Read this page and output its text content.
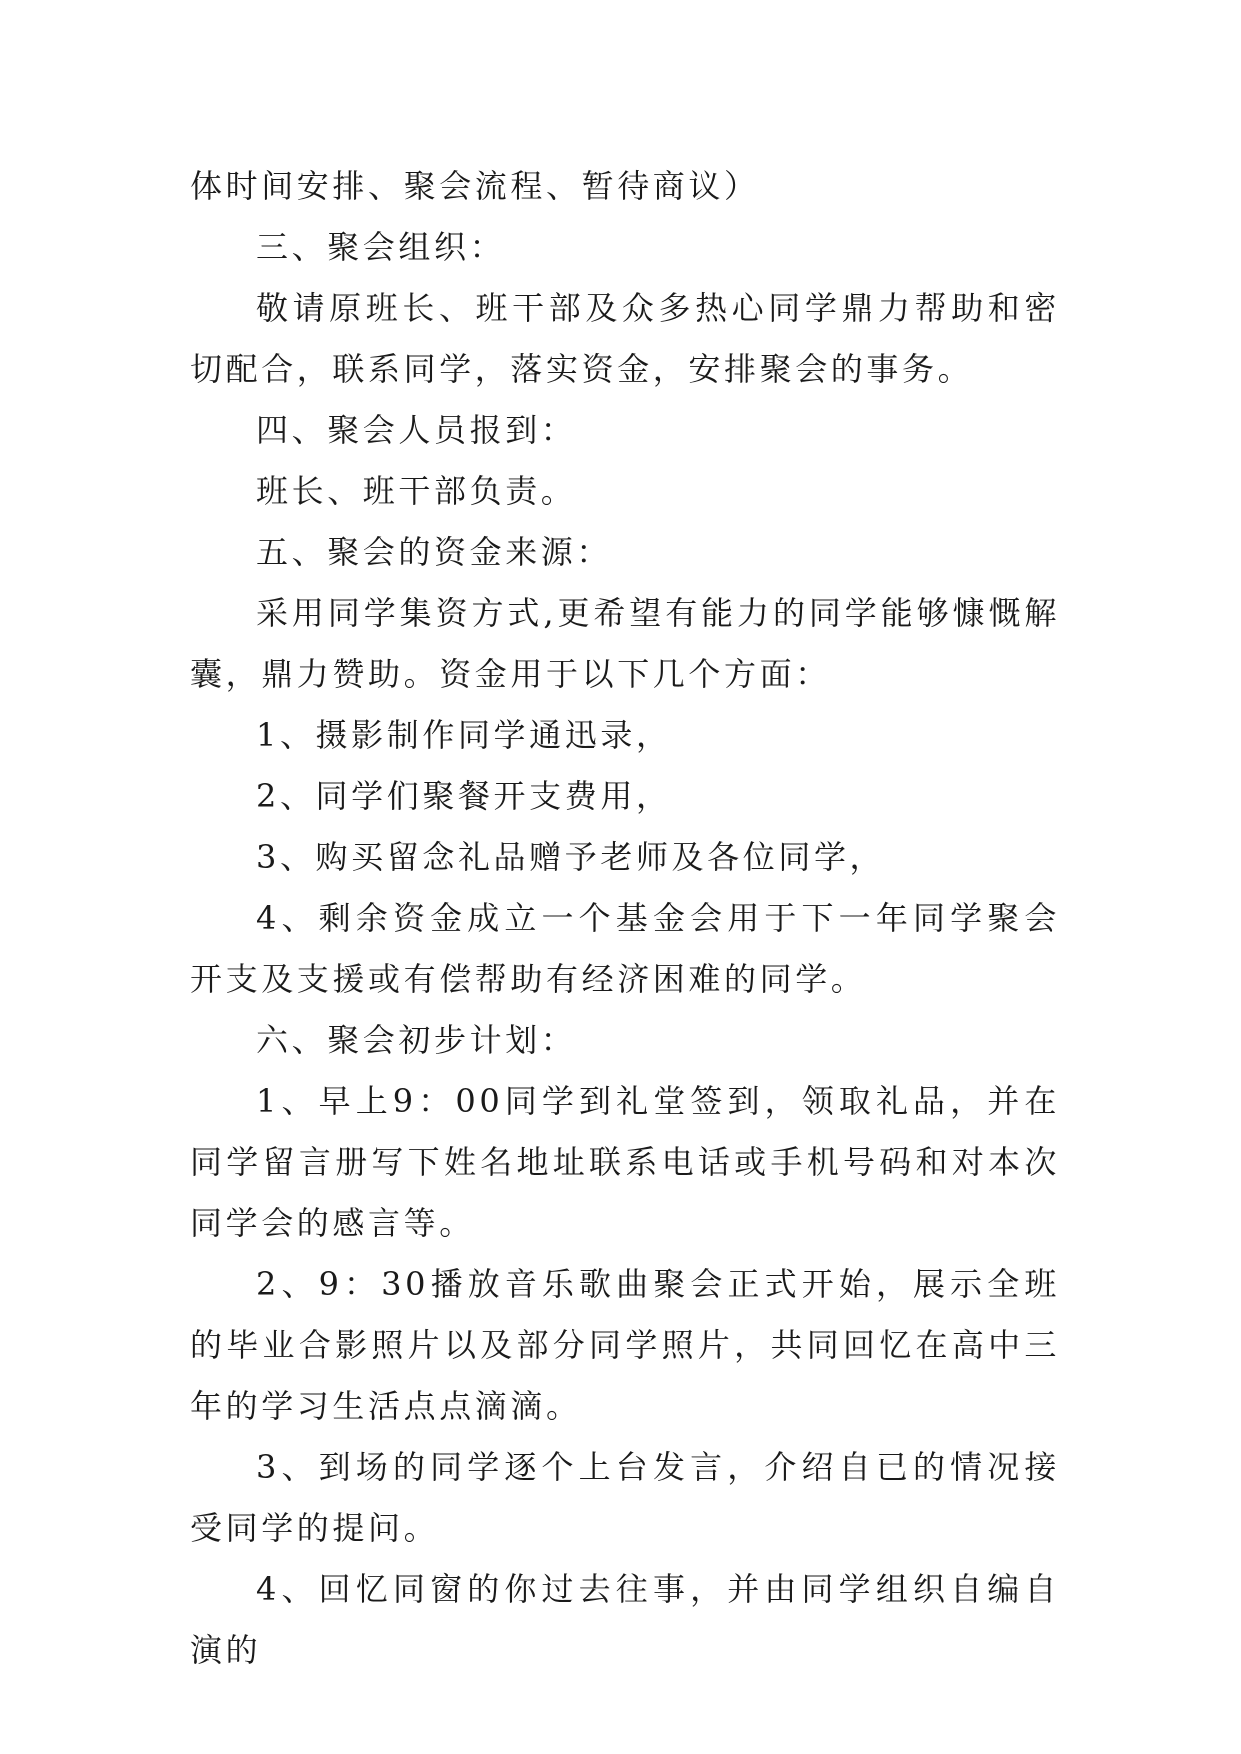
体时间安排、聚会流程、暂待商议）

三、聚会组织：

敬请原班长、班干部及众多热心同学鼎力帮助和密切配合，联系同学，落实资金，安排聚会的事务。

四、聚会人员报到：

班长、班干部负责。

五、聚会的资金来源：

采用同学集资方式,更希望有能力的同学能够慷慨解囊，鼎力赞助。资金用于以下几个方面：

1、摄影制作同学通迅录，

2、同学们聚餐开支费用，

3、购买留念礼品赠予老师及各位同学，

4、剩余资金成立一个基金会用于下一年同学聚会开支及支援或有偿帮助有经济困难的同学。

六、聚会初步计划：

1、早上9：00同学到礼堂签到，领取礼品，并在同学留言册写下姓名地址联系电话或手机号码和对本次同学会的感言等。

2、9：30播放音乐歌曲聚会正式开始，展示全班的毕业合影照片以及部分同学照片，共同回忆在高中三年的学习生活点点滴滴。

3、到场的同学逐个上台发言，介绍自已的情况接受同学的提问。

4、回忆同窗的你过去往事，并由同学组织自编自演的
